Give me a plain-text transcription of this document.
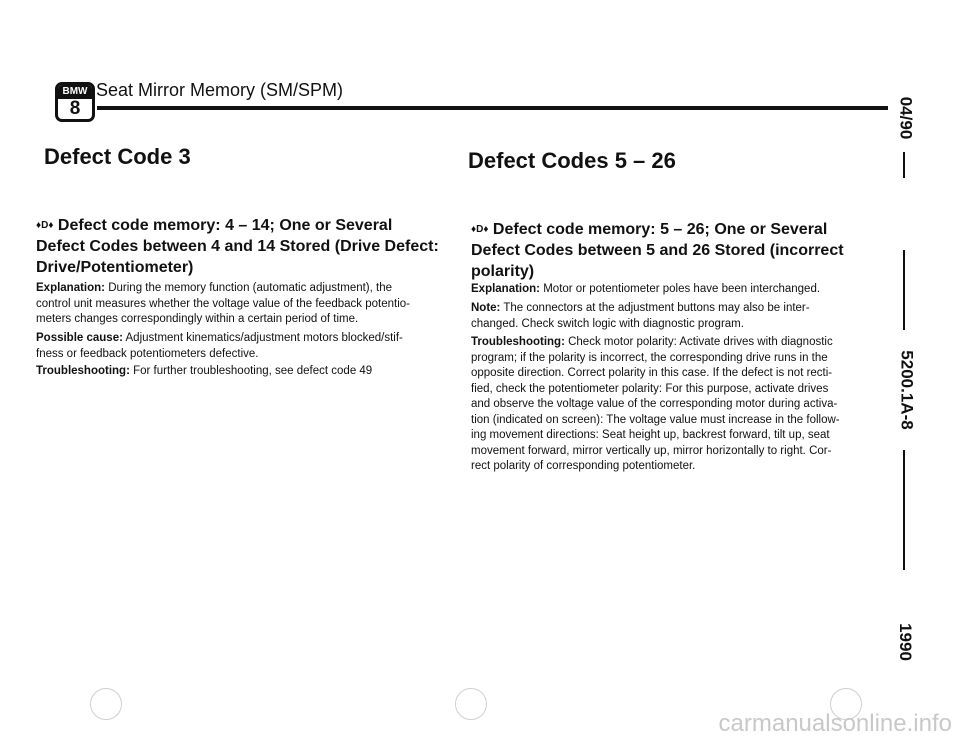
BMW
8
Seat Mirror Memory (SM/SPM)
04/90
5200.1A-8
1990
Defect Code 3
♦D♦ Defect code memory: 4 – 14; One or Several
Defect Codes between 4 and 14 Stored (Drive Defect:
Drive/Potentiometer)
Explanation: During the memory function (automatic adjustment), the
control unit measures whether the voltage value of the feedback potentio-
meters changes correspondingly within a certain period of time.
Possible cause: Adjustment kinematics/adjustment motors blocked/stif-
fness or feedback potentiometers defective.
Troubleshooting: For further troubleshooting, see defect code 49
Defect Codes 5 – 26
♦D♦ Defect code memory: 5 – 26; One or Several
Defect Codes between 5 and 26 Stored (incorrect
polarity)
Explanation: Motor or potentiometer poles have been interchanged.
Note: The connectors at the adjustment buttons may also be inter-
changed. Check switch logic with diagnostic program.
Troubleshooting: Check motor polarity: Activate drives with diagnostic
program; if the polarity is incorrect, the corresponding drive runs in the
opposite direction. Correct polarity in this case. If the defect is not recti-
fied, check the potentiometer polarity: For this purpose, activate drives
and observe the voltage value of the corresponding motor during activa-
tion (indicated on screen): The voltage value must increase in the follow-
ing movement directions: Seat height up, backrest forward, tilt up, seat
movement forward, mirror vertically up, mirror horizontally to right. Cor-
rect polarity of corresponding potentiometer.
carmanualsonline.info
